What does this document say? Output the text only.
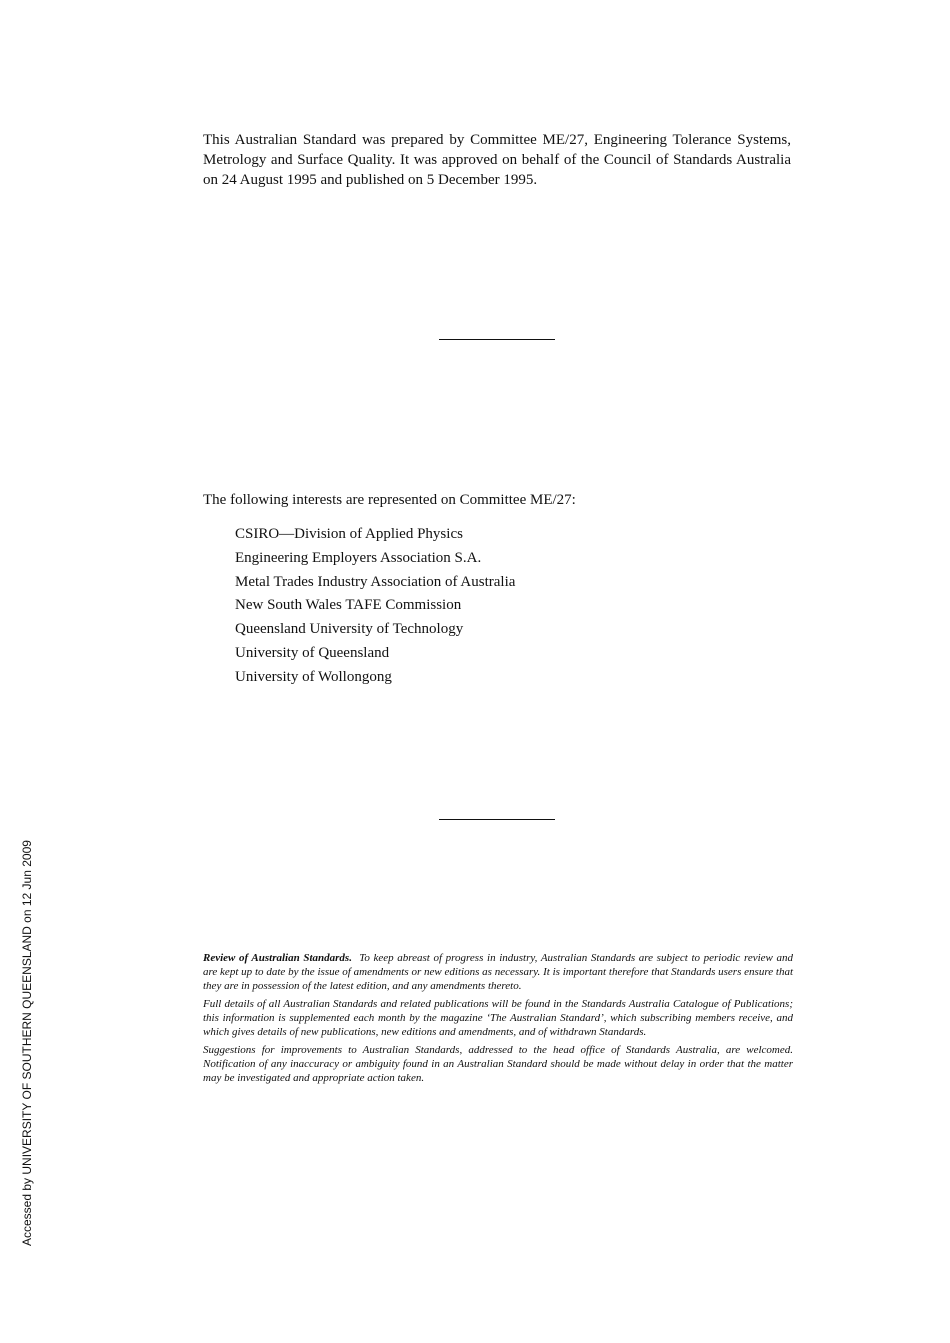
This Australian Standard was prepared by Committee ME/27, Engineering Tolerance Systems, Metrology and Surface Quality. It was approved on behalf of the Council of Standards Australia on 24 August 1995 and published on 5 December 1995.

The following interests are represented on Committee ME/27:

CSIRO—Division of Applied Physics
Engineering Employers Association S.A.
Metal Trades Industry Association of Australia
New South Wales TAFE Commission
Queensland University of Technology
University of Queensland
University of Wollongong

Review of Australian Standards. To keep abreast of progress in industry, Australian Standards are subject to periodic review and are kept up to date by the issue of amendments or new editions as necessary. It is important therefore that Standards users ensure that they are in possession of the latest edition, and any amendments thereto.

Full details of all Australian Standards and related publications will be found in the Standards Australia Catalogue of Publications; this information is supplemented each month by the magazine ‘The Australian Standard’, which subscribing members receive, and which gives details of new publications, new editions and amendments, and of withdrawn Standards.

Suggestions for improvements to Australian Standards, addressed to the head office of Standards Australia, are welcomed. Notification of any inaccuracy or ambiguity found in an Australian Standard should be made without delay in order that the matter may be investigated and appropriate action taken.

Accessed by UNIVERSITY OF SOUTHERN QUEENSLAND on 12 Jun 2009
